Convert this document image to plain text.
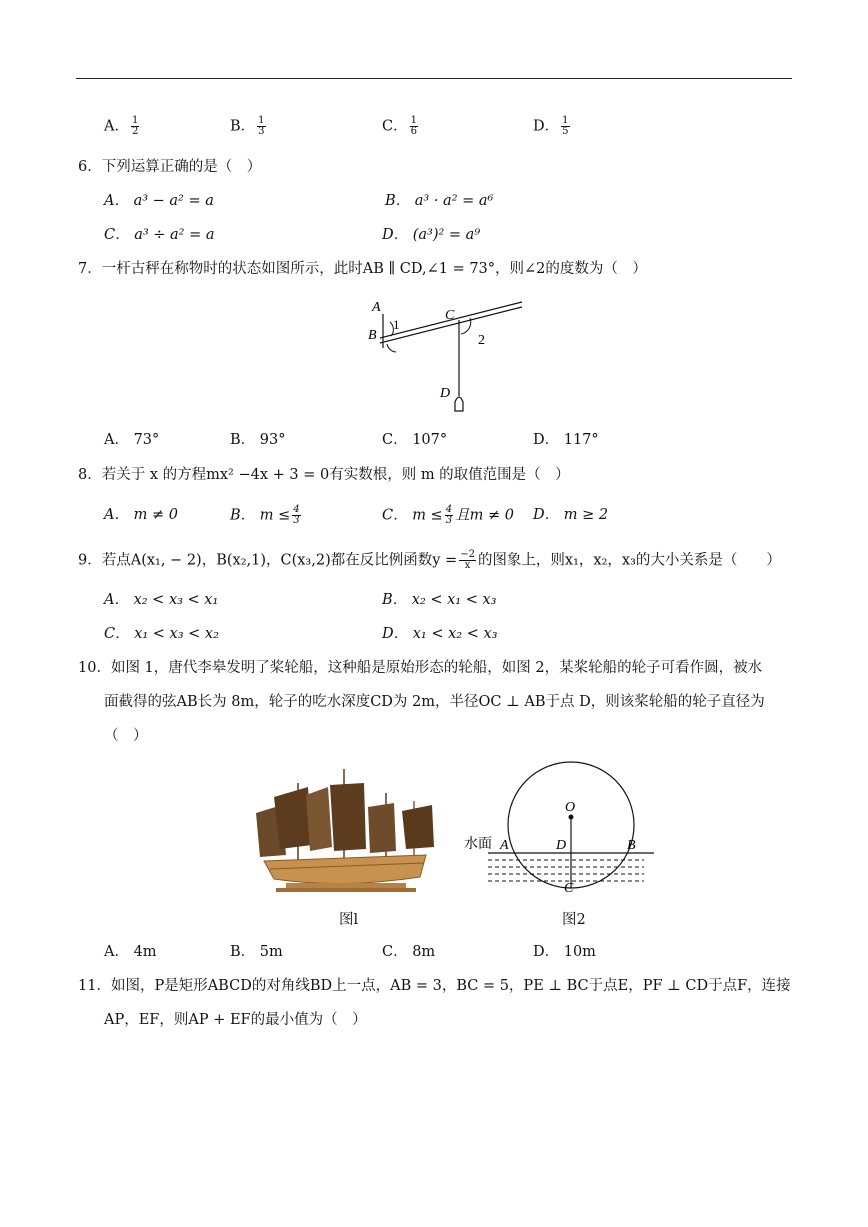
A． $\frac{1}{2}$	B． $\frac{1}{3}$	C． $\frac{1}{6}$	D． $\frac{1}{5}$
6．下列运算正确的是（　）
A． a³ − a² = a	B． a³ · a² = a⁶
C． a³ ÷ a² = a	D． (a³)² = a⁹
7．一杆古秤在称物时的状态如图所示，此时AB ∥ CD,∠1 = 73°，则∠2的度数为（　）
A
B
1
C
2
D
A． 73°	B． 93°	C． 107°	D． 117°
8．若关于 x 的方程mx² −4x + 3 = 0有实数根，则 m 的取值范围是（　）
A． m ≠ 0	B． $m \le \frac{4}{3}$	C． $m \le \frac{4}{3}$ 且m ≠ 0 D． m ≥ 2
9．若点A(x₁, − 2)，B(x₂,1)，C(x₃,2)都在反比例函数$y = \frac{-2}{x}$ 的图象上，则x₁，x₂，x₃的大小关系是（　　）
A． x₂ < x₃ < x₁	B． x₂ < x₁ < x₃
C． x₁ < x₃ < x₂	D． x₁ < x₂ < x₃
10．如图 1，唐代李皋发明了桨轮船，这种船是原始形态的轮船，如图 2，某桨轮船的轮子可看作圆，被水
面截得的弦AB长为 8m，轮子的吃水深度CD为 2m，半径OC ⊥ AB于点 D，则该桨轮船的轮子直径为
（　）
图l
O
水面 A	D	B
C
图2
A． 4m	B． 5m	C． 8m	D． 10m
11．如图，P是矩形ABCD的对角线BD上一点，AB = 3，BC = 5，PE ⊥ BC于点E，PF ⊥ CD于点F，连接
AP，EF，则AP + EF的最小值为（　）
